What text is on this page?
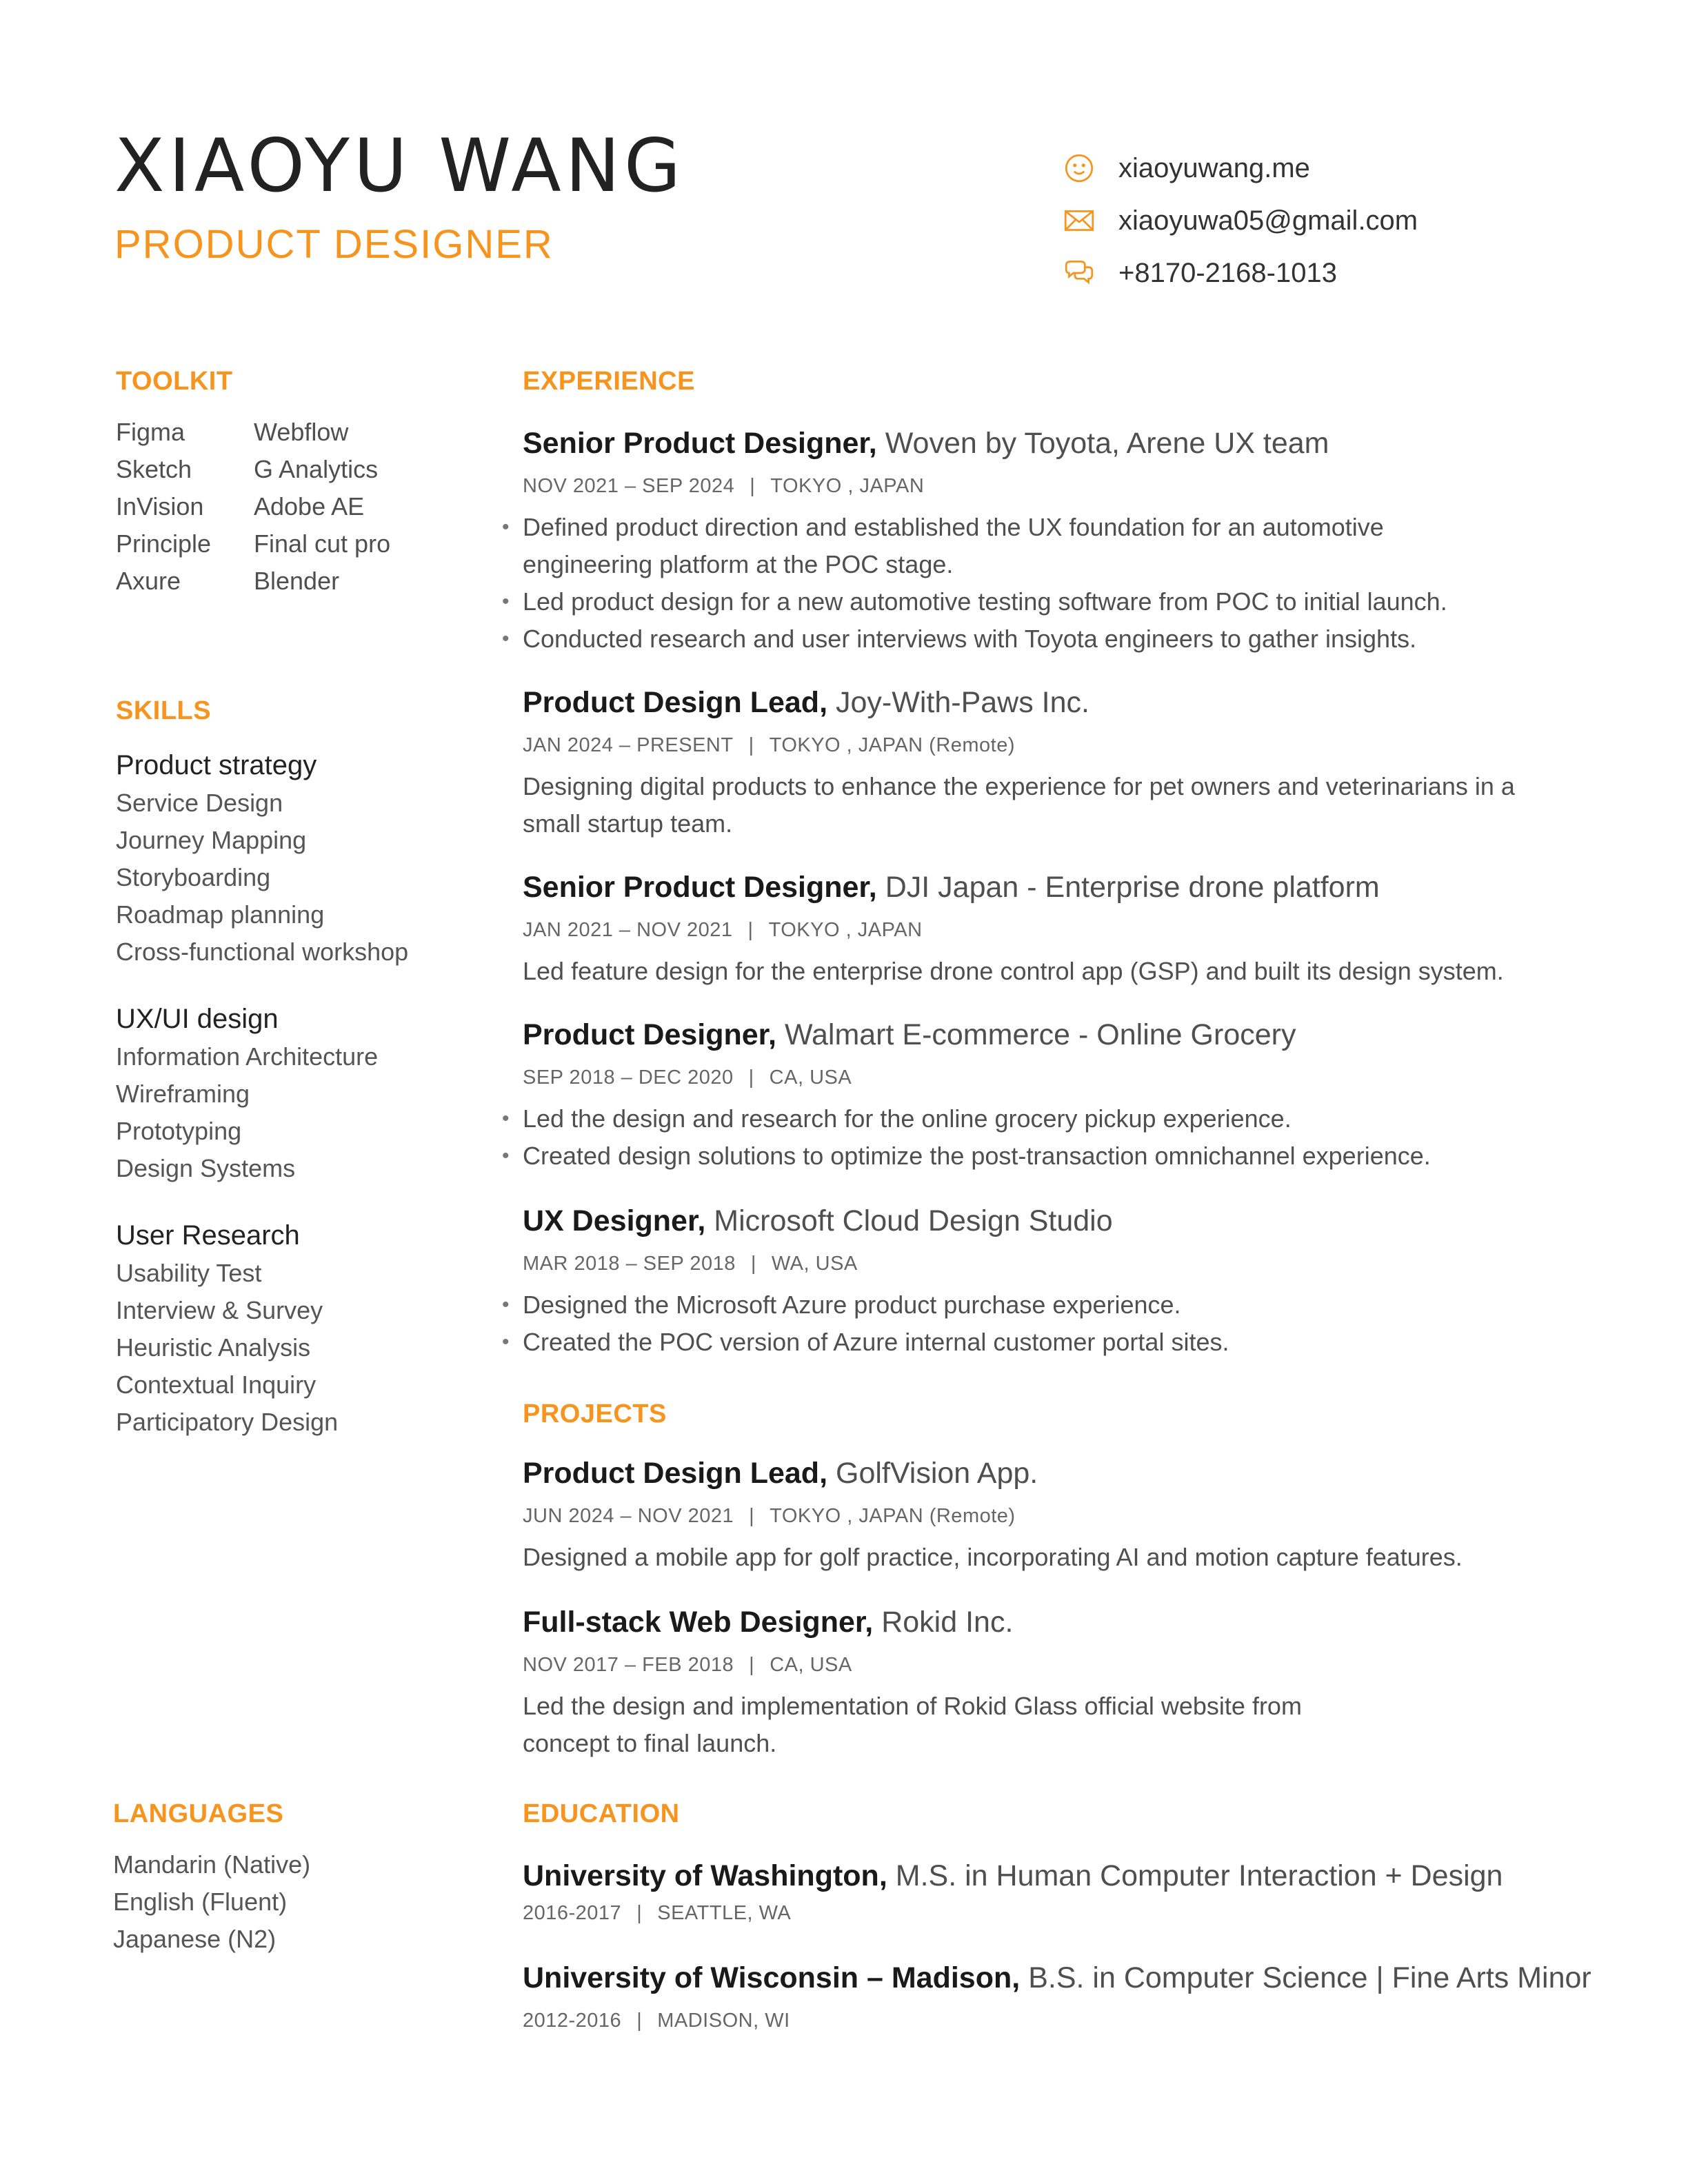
XIAOYU WANG
PRODUCT DESIGNER
xiaoyuwang.me
xiaoyuwa05@gmail.com
+8170-2168-1013
TOOLKIT
Figma	Webflow
Sketch	G Analytics
InVision	Adobe AE
Principle	Final cut pro
Axure	Blender
SKILLS
Product strategy
Service Design
Journey Mapping
Storyboarding
Roadmap planning
Cross-functional workshop
UX/UI design
Information Architecture
Wireframing
Prototyping
Design Systems
User Research
Usability Test
Interview & Survey
Heuristic Analysis
Contextual Inquiry
Participatory Design
LANGUAGES
Mandarin (Native)
English (Fluent)
Japanese (N2)
EXPERIENCE
Senior Product Designer, Woven by Toyota, Arene UX team
NOV 2021 – SEP 2024 | TOKYO , JAPAN
• Defined product direction and established the UX foundation for an automotive engineering platform at the POC stage.
• Led product design for a new automotive testing software from POC to initial launch.
• Conducted research and user interviews with Toyota engineers to gather insights.
Product Design Lead, Joy-With-Paws Inc.
JAN 2024 – PRESENT | TOKYO , JAPAN (Remote)
Designing digital products to enhance the experience for pet owners and veterinarians in a small startup team.
Senior Product Designer, DJI Japan - Enterprise drone platform
JAN 2021 – NOV 2021 | TOKYO , JAPAN
Led feature design for the enterprise drone control app (GSP) and built its design system.
Product Designer, Walmart E-commerce - Online Grocery
SEP 2018 – DEC 2020 | CA, USA
• Led the design and research for the online grocery pickup experience.
• Created design solutions to optimize the post-transaction omnichannel experience.
UX Designer, Microsoft Cloud Design Studio
MAR 2018 – SEP 2018 | WA, USA
• Designed the Microsoft Azure product purchase experience.
• Created the POC version of Azure internal customer portal sites.
PROJECTS
Product Design Lead, GolfVision App.
JUN 2024 – NOV 2021 | TOKYO , JAPAN (Remote)
Designed a mobile app for golf practice, incorporating AI and motion capture features.
Full-stack Web Designer, Rokid Inc.
NOV 2017 – FEB 2018 | CA, USA
Led the design and implementation of Rokid Glass official website from concept to final launch.
EDUCATION
University of Washington, M.S. in Human Computer Interaction + Design
2016-2017 | SEATTLE, WA
University of Wisconsin – Madison, B.S. in Computer Science | Fine Arts Minor
2012-2016 | MADISON, WI
